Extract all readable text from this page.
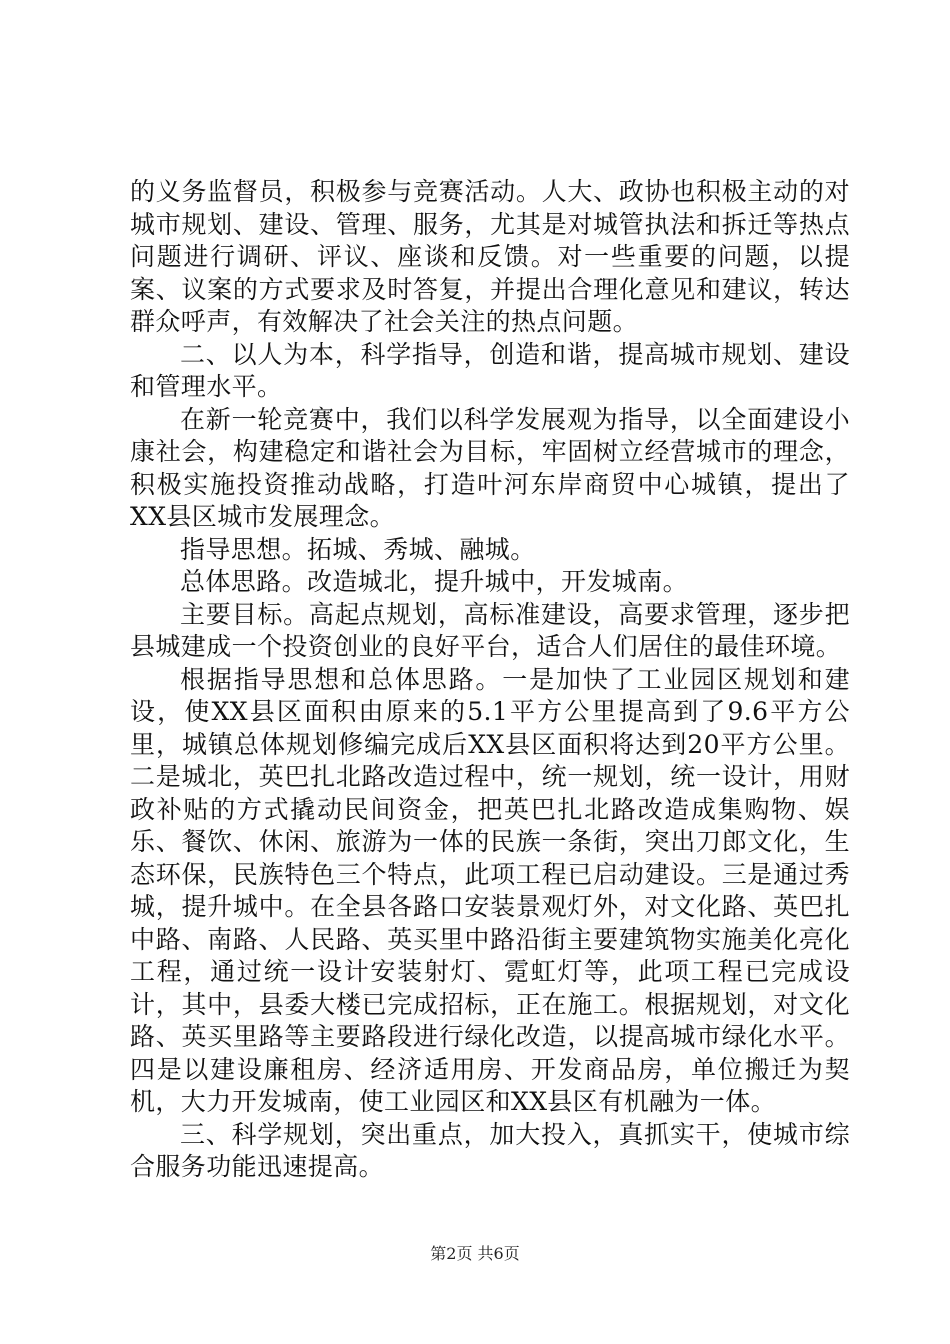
的义务监督员，积极参与竞赛活动。人大、政协也积极主动的对城市规划、建设、管理、服务，尤其是对城管执法和拆迁等热点问题进行调研、评议、座谈和反馈。对一些重要的问题，以提案、议案的方式要求及时答复，并提出合理化意见和建议，转达群众呼声，有效解决了社会关注的热点问题。

二、以人为本，科学指导，创造和谐，提高城市规划、建设和管理水平。

在新一轮竞赛中，我们以科学发展观为指导，以全面建设小康社会，构建稳定和谐社会为目标，牢固树立经营城市的理念，积极实施投资推动战略，打造叶河东岸商贸中心城镇，提出了XX县区城市发展理念。

指导思想。拓城、秀城、融城。

总体思路。改造城北，提升城中，开发城南。

主要目标。高起点规划，高标准建设，高要求管理，逐步把县城建成一个投资创业的良好平台，适合人们居住的最佳环境。

根据指导思想和总体思路。一是加快了工业园区规划和建设，使XX县区面积由原来的5.1平方公里提高到了9.6平方公里，城镇总体规划修编完成后XX县区面积将达到20平方公里。二是城北，英巴扎北路改造过程中，统一规划，统一设计，用财政补贴的方式撬动民间资金，把英巴扎北路改造成集购物、娱乐、餐饮、休闲、旅游为一体的民族一条街，突出刀郎文化，生态环保，民族特色三个特点，此项工程已启动建设。三是通过秀城，提升城中。在全县各路口安装景观灯外，对文化路、英巴扎中路、南路、人民路、英买里中路沿街主要建筑物实施美化亮化工程，通过统一设计安装射灯、霓虹灯等，此项工程已完成设计，其中，县委大楼已完成招标，正在施工。根据规划，对文化路、英买里路等主要路段进行绿化改造，以提高城市绿化水平。四是以建设廉租房、经济适用房、开发商品房，单位搬迁为契机，大力开发城南，使工业园区和XX县区有机融为一体。

三、科学规划，突出重点，加大投入，真抓实干，使城市综合服务功能迅速提高。

第2页 共6页
